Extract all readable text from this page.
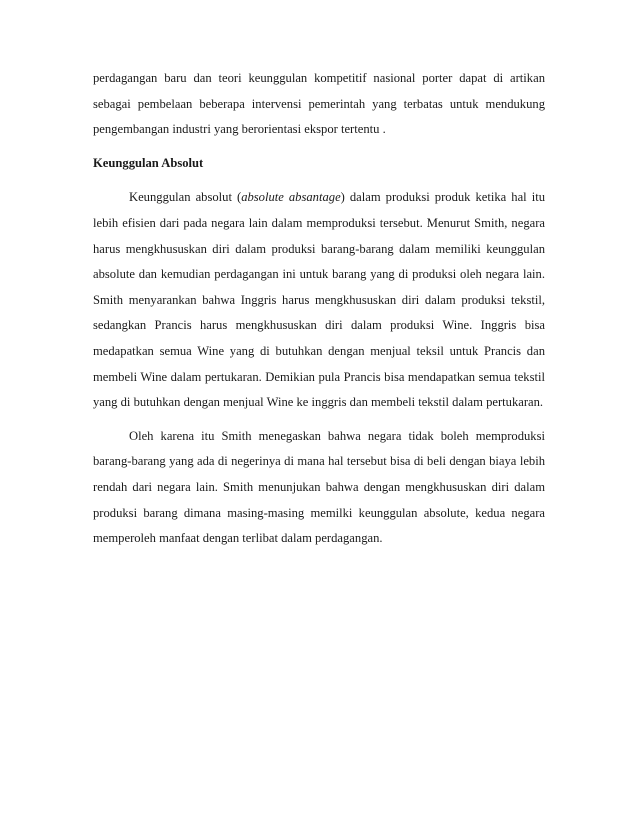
perdagangan baru dan teori keunggulan kompetitif nasional porter dapat di artikan sebagai pembelaan beberapa intervensi pemerintah yang terbatas untuk mendukung pengembangan industri yang berorientasi ekspor tertentu .

Keunggulan Absolut

Keunggulan absolut (absolute absantage) dalam produksi produk ketika hal itu lebih efisien dari pada negara lain dalam memproduksi tersebut. Menurut Smith, negara harus mengkhususkan diri dalam produksi barang-barang dalam memiliki keunggulan absolute dan kemudian perdagangan ini untuk barang yang di produksi oleh negara lain. Smith menyarankan bahwa Inggris harus mengkhususkan diri dalam produksi tekstil, sedangkan Prancis harus mengkhususkan diri dalam produksi Wine. Inggris bisa medapatkan semua Wine yang di butuhkan dengan menjual teksil untuk Prancis dan membeli Wine dalam pertukaran. Demikian pula Prancis bisa mendapatkan semua tekstil yang di butuhkan dengan menjual Wine ke inggris dan membeli tekstil dalam pertukaran.

Oleh karena itu Smith menegaskan bahwa negara tidak boleh memproduksi barang-barang yang ada di negerinya di mana hal tersebut bisa di beli dengan biaya lebih rendah dari negara lain. Smith menunjukan bahwa dengan mengkhususkan diri dalam produksi barang dimana masing-masing memilki keunggulan absolute, kedua negara memperoleh manfaat dengan terlibat dalam perdagangan.
